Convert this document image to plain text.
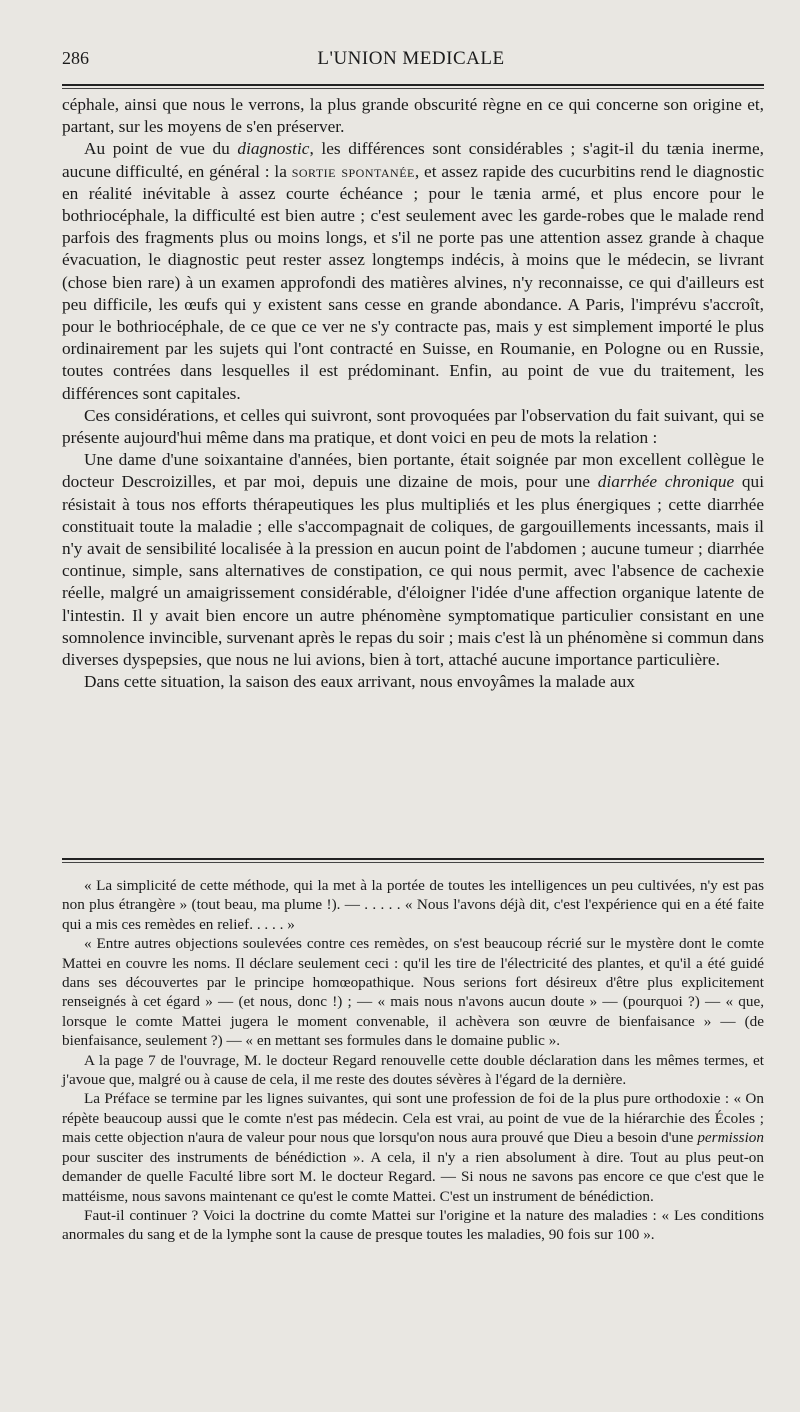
286	L'UNION MEDICALE

céphale, ainsi que nous le verrons, la plus grande obscurité règne en ce qui concerne son origine et, partant, sur les moyens de s'en préserver.

Au point de vue du diagnostic, les différences sont considérables ; s'agit-il du tænia inerme, aucune difficulté, en général : la sortie spontanée, et assez rapide des cucurbitins rend le diagnostic en réalité inévitable à assez courte échéance ; pour le tænia armé, et plus encore pour le bothriocéphale, la difficulté est bien autre ; c'est seulement avec les garde-robes que le malade rend parfois des fragments plus ou moins longs, et s'il ne porte pas une attention assez grande à chaque évacuation, le diagnostic peut rester assez longtemps indécis, à moins que le médecin, se livrant (chose bien rare) à un examen approfondi des matières alvines, n'y reconnaisse, ce qui d'ailleurs est peu difficile, les œufs qui y existent sans cesse en grande abondance. A Paris, l'imprévu s'accroît, pour le bothriocéphale, de ce que ce ver ne s'y contracte pas, mais y est simplement importé le plus ordinairement par les sujets qui l'ont contracté en Suisse, en Roumanie, en Pologne ou en Russie, toutes contrées dans lesquelles il est prédominant. Enfin, au point de vue du traitement, les différences sont capitales.

Ces considérations, et celles qui suivront, sont provoquées par l'observation du fait suivant, qui se présente aujourd'hui même dans ma pratique, et dont voici en peu de mots la relation :

Une dame d'une soixantaine d'années, bien portante, était soignée par mon excellent collègue le docteur Descroizilles, et par moi, depuis une dizaine de mois, pour une diarrhée chronique qui résistait à tous nos efforts thérapeutiques les plus multipliés et les plus énergiques ; cette diarrhée constituait toute la maladie ; elle s'accompagnait de coliques, de gargouillements incessants, mais il n'y avait de sensibilité localisée à la pression en aucun point de l'abdomen ; aucune tumeur ; diarrhée continue, simple, sans alternatives de constipation, ce qui nous permit, avec l'absence de cachexie réelle, malgré un amaigrissement considérable, d'éloigner l'idée d'une affection organique latente de l'intestin. Il y avait bien encore un autre phénomène symptomatique particulier consistant en une somnolence invincible, survenant après le repas du soir ; mais c'est là un phénomène si commun dans diverses dyspepsies, que nous ne lui avions, bien à tort, attaché aucune importance particulière.

Dans cette situation, la saison des eaux arrivant, nous envoyâmes la malade aux

« La simplicité de cette méthode, qui la met à la portée de toutes les intelligences un peu cultivées, n'y est pas non plus étrangère » (tout beau, ma plume !). — . . . . . « Nous l'avons déjà dit, c'est l'expérience qui en a été faite qui a mis ces remèdes en relief. . . . . »

« Entre autres objections soulevées contre ces remèdes, on s'est beaucoup récrié sur le mystère dont le comte Mattei en couvre les noms. Il déclare seulement ceci : qu'il les tire de l'électricité des plantes, et qu'il a été guidé dans ses découvertes par le principe homœopathique. Nous serions fort désireux d'être plus explicitement renseignés à cet égard » — (et nous, donc !) ; — « mais nous n'avons aucun doute » — (pourquoi ?) — « que, lorsque le comte Mattei jugera le moment convenable, il achèvera son œuvre de bienfaisance » — (de bienfaisance, seulement ?) — « en mettant ses formules dans le domaine public ».

A la page 7 de l'ouvrage, M. le docteur Regard renouvelle cette double déclaration dans les mêmes termes, et j'avoue que, malgré ou à cause de cela, il me reste des doutes sévères à l'égard de la dernière.

La Préface se termine par les lignes suivantes, qui sont une profession de foi de la plus pure orthodoxie : « On répète beaucoup aussi que le comte n'est pas médecin. Cela est vrai, au point de vue de la hiérarchie des Écoles ; mais cette objection n'aura de valeur pour nous que lorsqu'on nous aura prouvé que Dieu a besoin d'une permission pour susciter des instruments de bénédiction ». A cela, il n'y a rien absolument à dire. Tout au plus peut-on demander de quelle Faculté libre sort M. le docteur Regard. — Si nous ne savons pas encore ce que c'est que le mattéisme, nous savons maintenant ce qu'est le comte Mattei. C'est un instrument de bénédiction.

Faut-il continuer ? Voici la doctrine du comte Mattei sur l'origine et la nature des maladies : « Les conditions anormales du sang et de la lymphe sont la cause de presque toutes les maladies, 90 fois sur 100 ».
